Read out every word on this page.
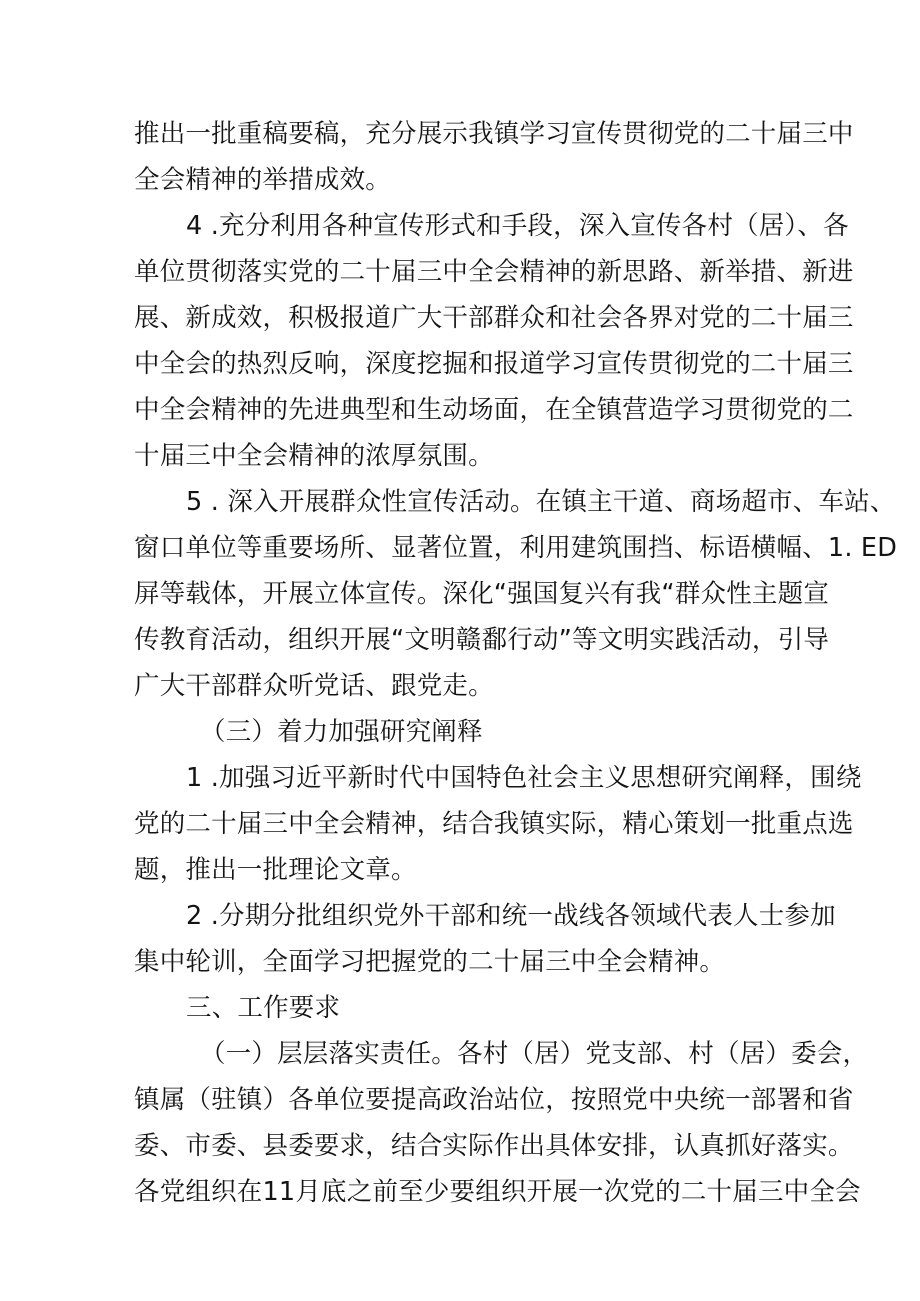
推出一批重稿要稿，充分展示我镇学习宣传贯彻党的二十届三中
全会精神的举措成效。
4 .充分利用各种宣传形式和手段，深入宣传各村（居）、各
单位贯彻落实党的二十届三中全会精神的新思路、新举措、新进
展、新成效，积极报道广大干部群众和社会各界对党的二十届三
中全会的热烈反响，深度挖掘和报道学习宣传贯彻党的二十届三
中全会精神的先进典型和生动场面，在全镇营造学习贯彻党的二
十届三中全会精神的浓厚氛围。
5 . 深入开展群众性宣传活动。在镇主干道、商场超市、车站、
窗口单位等重要场所、显著位置，利用建筑围挡、标语横幅、1. ED
屏等载体，开展立体宣传。深化“强国复兴有我“群众性主题宣
传教育活动，组织开展“文明赣鄱行动”等文明实践活动，引导
广大干部群众听党话、跟党走。
（三）着力加强研究阐释
1 .加强习近平新时代中国特色社会主义思想研究阐释，围绕
党的二十届三中全会精神，结合我镇实际，精心策划一批重点选
题，推出一批理论文章。
2 .分期分批组织党外干部和统一战线各领域代表人士参加
集中轮训，全面学习把握党的二十届三中全会精神。
三、工作要求
（一）层层落实责任。各村（居）党支部、村（居）委会，
镇属（驻镇）各单位要提高政治站位，按照党中央统一部署和省
委、市委、县委要求，结合实际作出具体安排，认真抓好落实。
各党组织在11月底之前至少要组织开展一次党的二十届三中全会
